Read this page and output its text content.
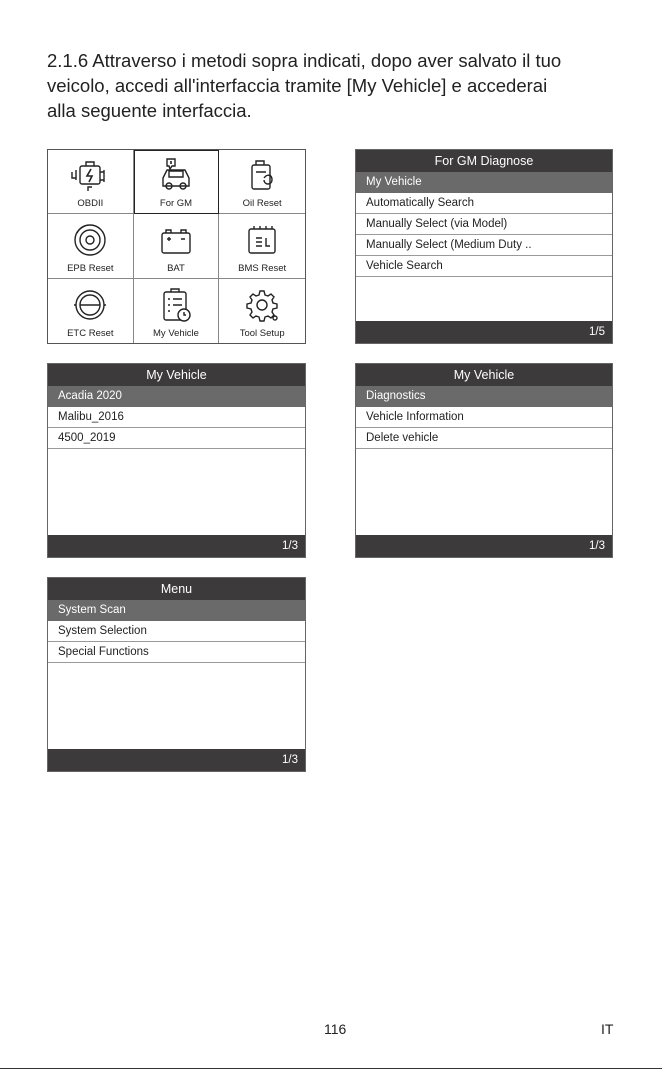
2.1.6 Attraverso i metodi sopra indicati, dopo aver salvato il tuo
veicolo, accedi all'interfaccia tramite [My Vehicle] e accederai
alla seguente interfaccia.

OBDII	For GM	Oil Reset
EPB Reset	BAT	BMS Reset
ETC Reset	My Vehicle	Tool Setup
For GM Diagnose
My Vehicle
Automatically Search
Manually Select (via Model)
Manually Select (Medium Duty ..
Vehicle Search
1/5
My Vehicle
Acadia 2020
Malibu_2016
4500_2019
1/3
My Vehicle
Diagnostics
Vehicle Information
Delete vehicle
1/3
Menu
System Scan
System Selection
Special Functions
1/3
116	IT
